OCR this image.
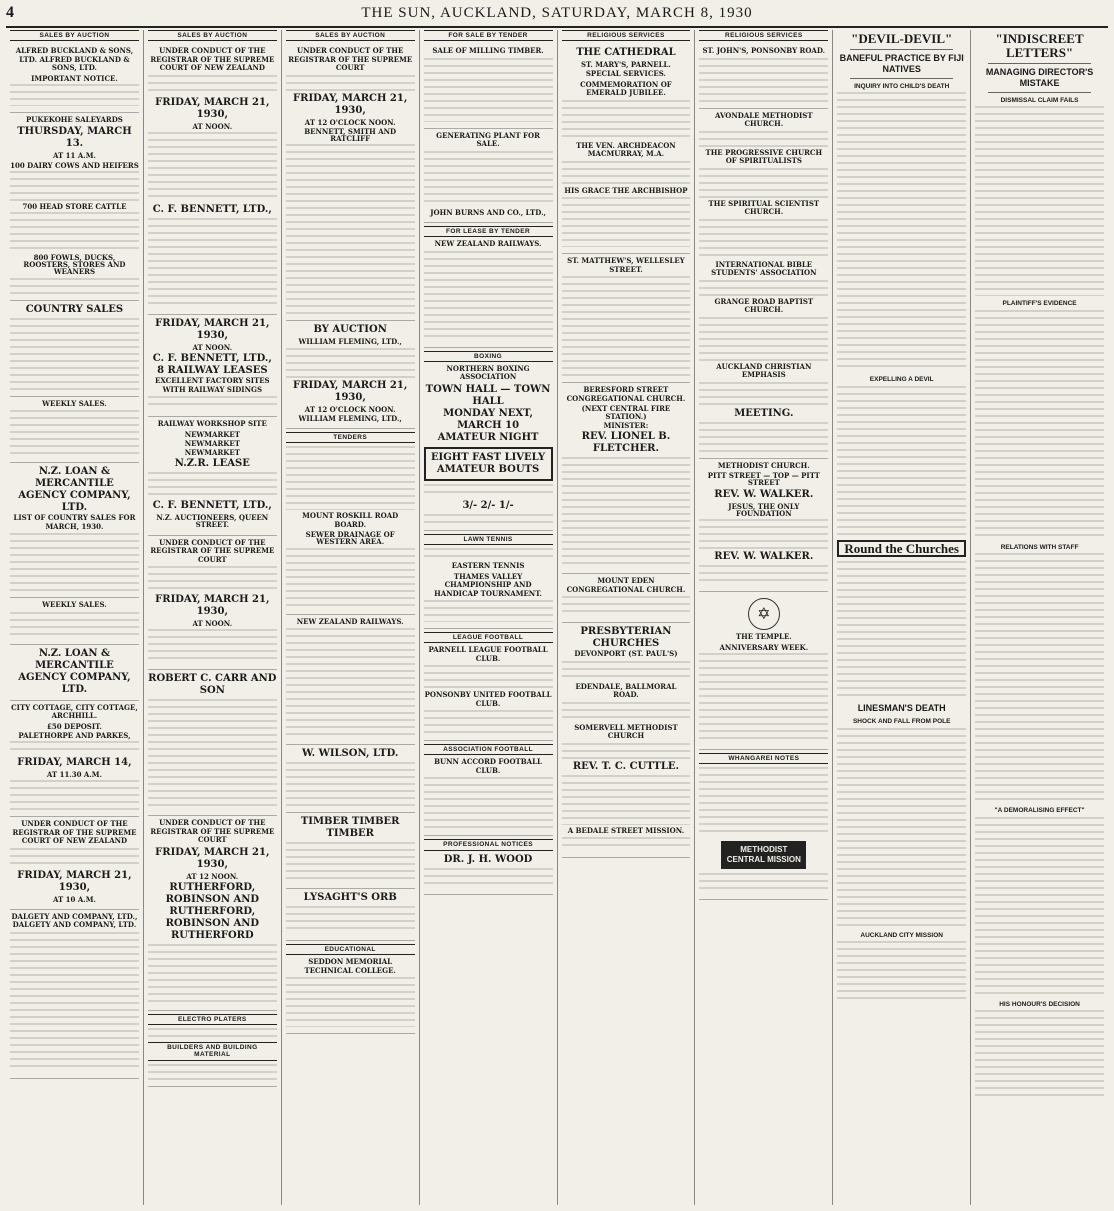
4	THE SUN, AUCKLAND, SATURDAY, MARCH 8, 1930
SALES BY AUCTION
ALFRED BUCKLAND & SONS, LTD. ALFRED BUCKLAND & SONS, LTD.
IMPORTANT NOTICE.
PUKEKOHE SALEYARDS
THURSDAY, MARCH 13.
AT 11 A.M.
100 DAIRY COWS AND HEIFERS
700 HEAD STORE CATTLE
800 FOWLS, DUCKS, ROOSTERS, STORES AND WEANERS
COUNTRY SALES
WEEKLY SALES.
N.Z. LOAN & MERCANTILE AGENCY COMPANY, LTD.
LIST OF COUNTRY SALES FOR MARCH, 1930.
WEEKLY SALES.
N.Z. LOAN & MERCANTILE AGENCY COMPANY, LTD.
CITY COTTAGE, CITY COTTAGE, ARCHHILL.
£50 DEPOSIT.
PALETHORPE AND PARKES,
FRIDAY, MARCH 14,
AT 11.30 A.M.
UNDER CONDUCT OF THE REGISTRAR OF THE SUPREME COURT OF NEW ZEALAND
FRIDAY, MARCH 21, 1930,
AT 10 A.M.
DALGETY AND COMPANY, LTD., DALGETY AND COMPANY, LTD.
SALES BY AUCTION
UNDER CONDUCT OF THE REGISTRAR OF THE SUPREME COURT OF NEW ZEALAND
FRIDAY, MARCH 21, 1930,
AT NOON.
C. F. BENNETT, LTD.,
FRIDAY, MARCH 21, 1930,
AT NOON.
C. F. BENNETT, LTD.,
8 RAILWAY LEASES
EXCELLENT FACTORY SITES WITH RAILWAY SIDINGS
RAILWAY WORKSHOP SITE
NEWMARKET
NEWMARKET
NEWMARKET
N.Z.R. LEASE
C. F. BENNETT, LTD.,
N.Z. AUCTIONEERS, QUEEN STREET.
UNDER CONDUCT OF THE REGISTRAR OF THE SUPREME COURT
FRIDAY, MARCH 21, 1930,
AT NOON.
ROBERT C. CARR AND SON
UNDER CONDUCT OF THE REGISTRAR OF THE SUPREME COURT
FRIDAY, MARCH 21, 1930,
AT 12 NOON.
RUTHERFORD, ROBINSON AND RUTHERFORD, ROBINSON AND RUTHERFORD
ELECTRO PLATERS
BUILDERS AND BUILDING MATERIAL
SALES BY AUCTION
UNDER CONDUCT OF THE REGISTRAR OF THE SUPREME COURT
FRIDAY, MARCH 21, 1930,
AT 12 O'CLOCK NOON.
BENNETT, SMITH AND RATCLIFF
BY AUCTION
WILLIAM FLEMING, LTD.,
FRIDAY, MARCH 21, 1930,
AT 12 O'CLOCK NOON.
WILLIAM FLEMING, LTD.,
TENDERS
MOUNT ROSKILL ROAD BOARD.
SEWER DRAINAGE OF WESTERN AREA.
NEW ZEALAND RAILWAYS.
W. WILSON, LTD.
TIMBER TIMBER TIMBER
LYSAGHT'S ORB
EDUCATIONAL
SEDDON MEMORIAL TECHNICAL COLLEGE.
FOR SALE BY TENDER
SALE OF MILLING TIMBER.
GENERATING PLANT FOR SALE.
JOHN BURNS AND CO., LTD.,
FOR LEASE BY TENDER
NEW ZEALAND RAILWAYS.
BOXING
NORTHERN BOXING ASSOCIATION
TOWN HALL — TOWN HALL
MONDAY NEXT, MARCH 10
AMATEUR NIGHT
EIGHT FAST LIVELY AMATEUR BOUTS
3/- 2/- 1/-
LAWN TENNIS
EASTERN TENNIS
THAMES VALLEY CHAMPIONSHIP AND HANDICAP TOURNAMENT.
LEAGUE FOOTBALL
PARNELL LEAGUE FOOTBALL CLUB.
PONSONBY UNITED FOOTBALL CLUB.
ASSOCIATION FOOTBALL
BUNN ACCORD FOOTBALL CLUB.
PROFESSIONAL NOTICES
DR. J. H. WOOD
RELIGIOUS SERVICES
THE CATHEDRAL
ST. MARY'S, PARNELL.
SPECIAL SERVICES.
COMMEMORATION OF EMERALD JUBILEE.
THE VEN. ARCHDEACON MACMURRAY, M.A.
HIS GRACE THE ARCHBISHOP
ST. MATTHEW'S, WELLESLEY STREET.
BERESFORD STREET CONGREGATIONAL CHURCH.
(NEXT CENTRAL FIRE STATION.)
MINISTER:
REV. LIONEL B. FLETCHER.
MOUNT EDEN CONGREGATIONAL CHURCH.
PRESBYTERIAN CHURCHES
DEVONPORT (ST. PAUL'S)
EDENDALE, BALLMORAL ROAD.
SOMERVELL METHODIST CHURCH
REV. T. C. CUTTLE.
A BEDALE STREET MISSION.
RELIGIOUS SERVICES
ST. JOHN'S, PONSONBY ROAD.
AVONDALE METHODIST CHURCH.
THE PROGRESSIVE CHURCH OF SPIRITUALISTS
THE SPIRITUAL SCIENTIST CHURCH.
INTERNATIONAL BIBLE STUDENTS' ASSOCIATION
GRANGE ROAD BAPTIST CHURCH.
AUCKLAND CHRISTIAN EMPHASIS
MEETING.
METHODIST CHURCH.
PITT STREET — TOP — PITT STREET
REV. W. WALKER.
JESUS, THE ONLY FOUNDATION
REV. W. WALKER.
✡
THE TEMPLE.
ANNIVERSARY WEEK.
WHANGAREI NOTES
METHODIST CENTRAL MISSION
"DEVIL-DEVIL"
BANEFUL PRACTICE BY FIJI NATIVES
INQUIRY INTO CHILD'S DEATH
EXPELLING A DEVIL
Round the Churches
LINESMAN'S DEATH
SHOCK AND FALL FROM POLE
AUCKLAND CITY MISSION
"INDISCREET LETTERS"
MANAGING DIRECTOR'S MISTAKE
DISMISSAL CLAIM FAILS
PLAINTIFF'S EVIDENCE
RELATIONS WITH STAFF
"A DEMORALISING EFFECT"
HIS HONOUR'S DECISION
